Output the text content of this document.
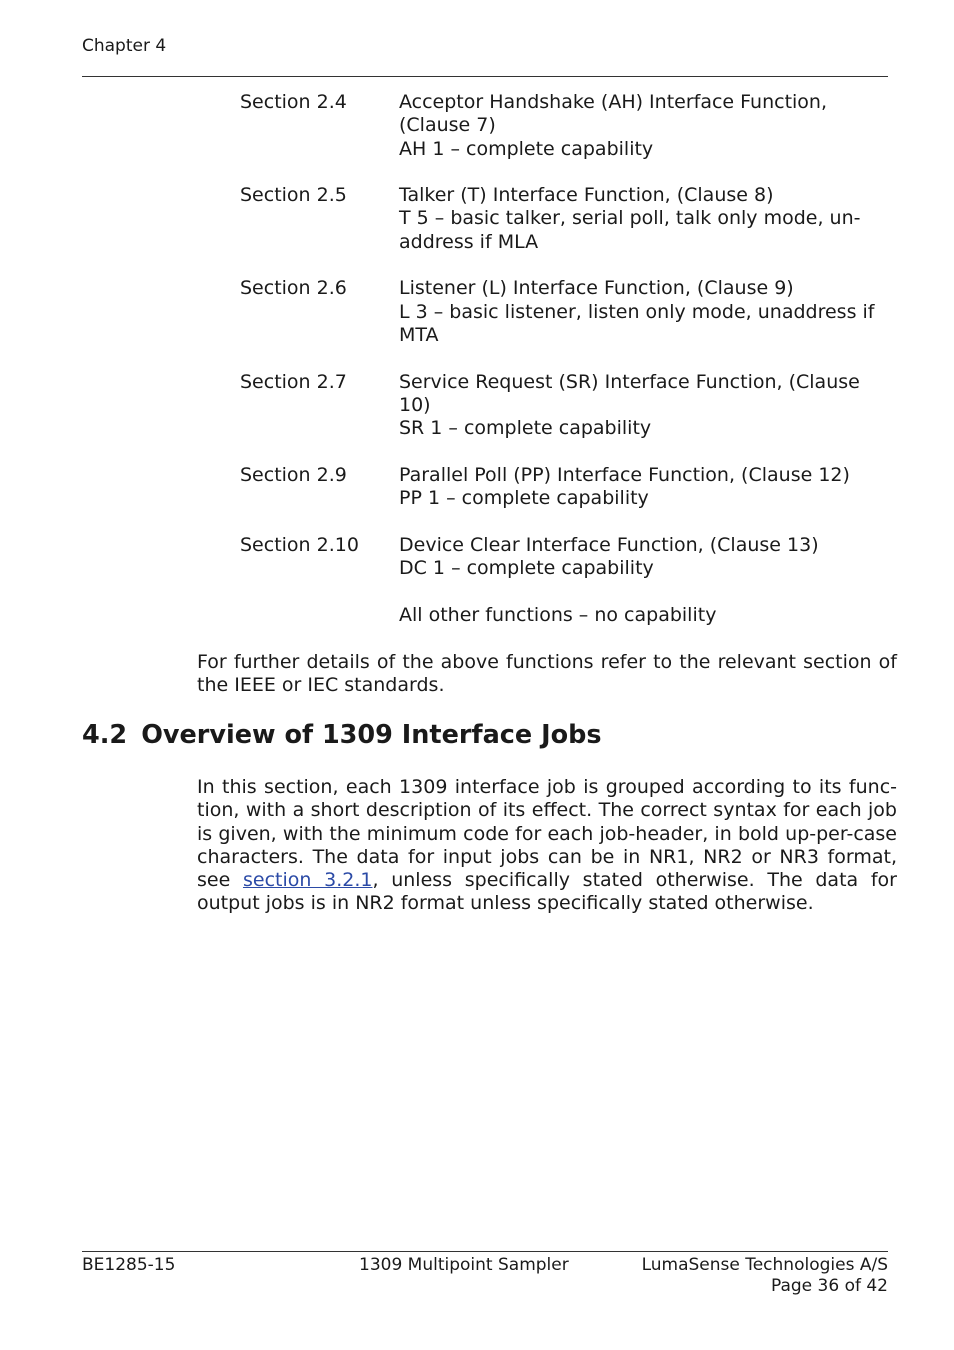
Chapter 4
Section 2.4	Acceptor Handshake (AH) Interface Function,
(Clause 7)
AH 1 – complete capability
Section 2.5	Talker (T) Interface Function, (Clause 8)
T 5 – basic talker, serial poll, talk only mode, un-
address if MLA
Section 2.6	Listener (L) Interface Function, (Clause 9)
L 3 – basic listener, listen only mode, unaddress if
MTA
Section 2.7	Service Request (SR) Interface Function, (Clause
10)
SR 1 – complete capability
Section 2.9	Parallel Poll (PP) Interface Function, (Clause 12)
PP 1 – complete capability
Section 2.10	Device Clear Interface Function, (Clause 13)
DC 1 – complete capability
All other functions – no capability

For further details of the above functions refer to the relevant section of the IEEE or IEC standards.

4.2 Overview of 1309 Interface Jobs

In this section, each 1309 interface job is grouped according to its func-tion, with a short description of its effect. The correct syntax for each job is given, with the minimum code for each job-header, in bold up-per-case characters. The data for input jobs can be in NR1, NR2 or NR3 format, see section 3.2.1, unless specifically stated otherwise. The data for output jobs is in NR2 format unless specifically stated otherwise.

BE1285-15	1309 Multipoint Sampler	LumaSense Technologies A/S
Page 36 of 42
